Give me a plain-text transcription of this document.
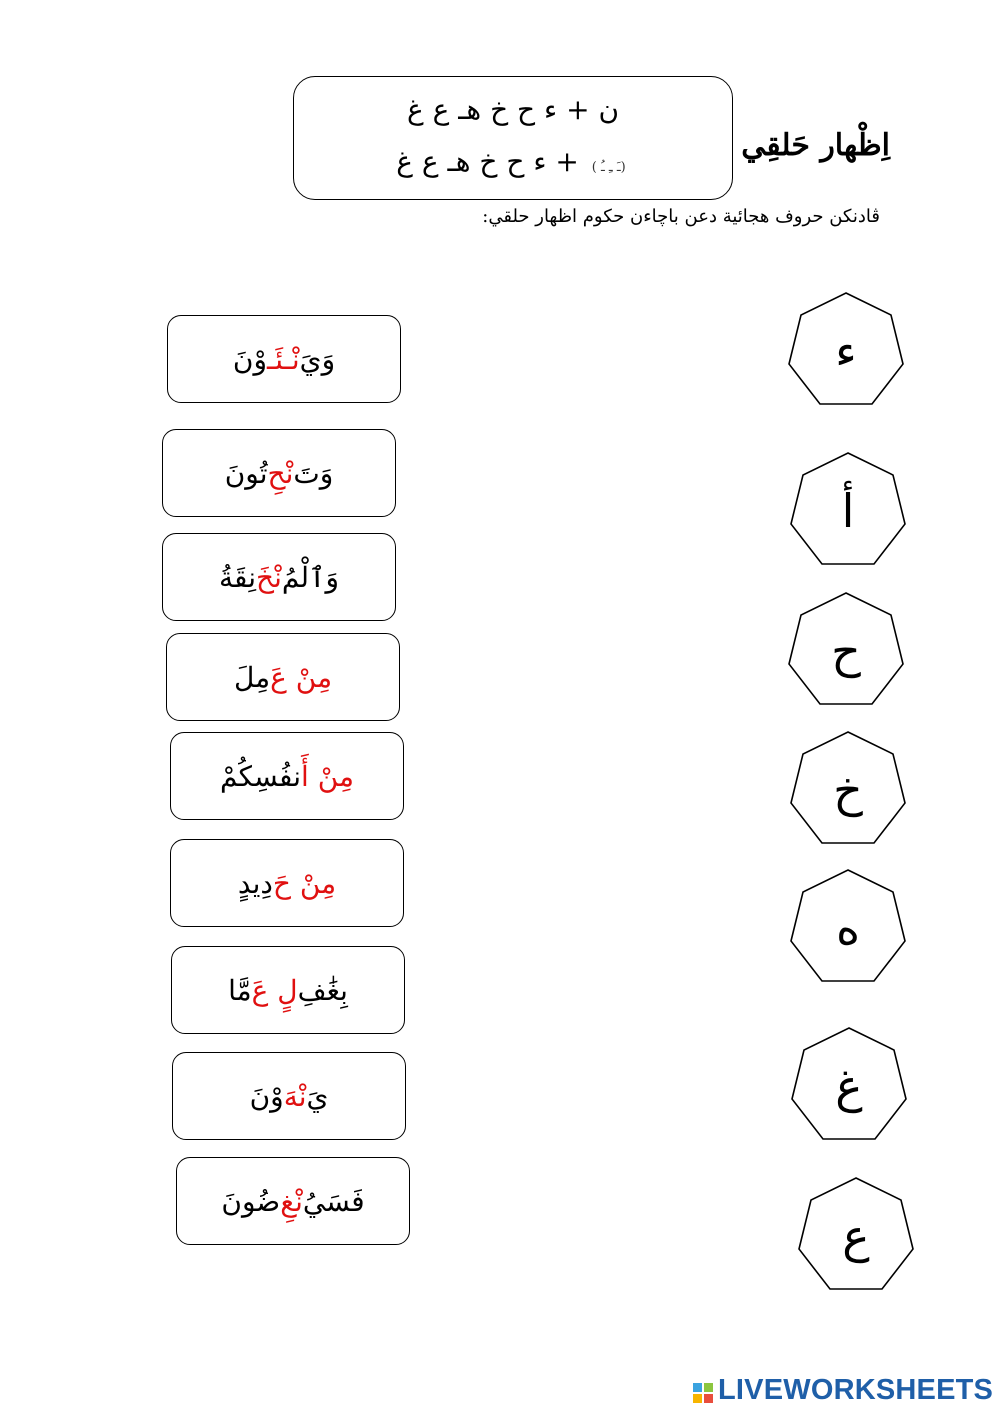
اِظْهار حَلقِي
ن + ء ح خ هـ ع غ
(ـَ ـِ ـُ ) + ء ح خ هـ ع غ
ڤادنكن حروف هجائية دعن باچاءن حكوم اظهار حلقي:
وَيَ
نْـئَـ
وْنَ
وَتَ
نْحِ
تُونَ
وَٱلْمُ
نْخَ
نِقَةُ
مِنْ عَ
مِلَ
مِنْ أَ
نفُسِكُمْ
مِنْ حَ
دِيدٍ
بِغَٰفِ
لٍ عَ
مَّا
يَ
نْهَ
وْنَ
فَسَيُ
نْغِ
ضُونَ
ء
أ
ح
خ
ه
غ
ع
LIVEWORKSHEETS
